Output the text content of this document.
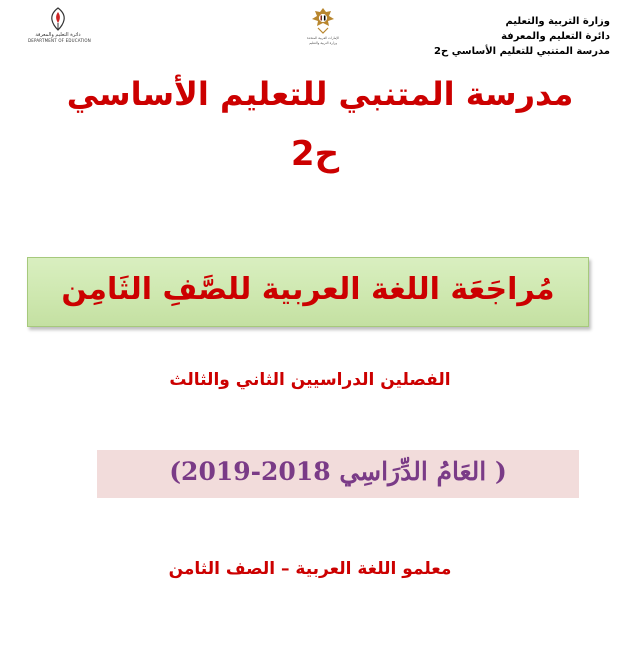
وزارة التربية والتعليم
دائرة التعليم والمعرفة
مدرسة المتنبي للتعليم الأساسي ح2
الإمارات العربية المتحدة
وزارة التربية والتعليم
دائرة التعليم والمعرفة
DEPARTMENT OF EDUCATION
مدرسة المتنبي للتعليم الأساسي
ح2
مُراجَعَة اللغة العربية للصَّفِ الثَامِن
الفصلين الدراسيين الثاني والثالث
( العَامُ الدِّرَاسِي 2018-2019)
معلمو اللغة العربية – الصف الثامن
